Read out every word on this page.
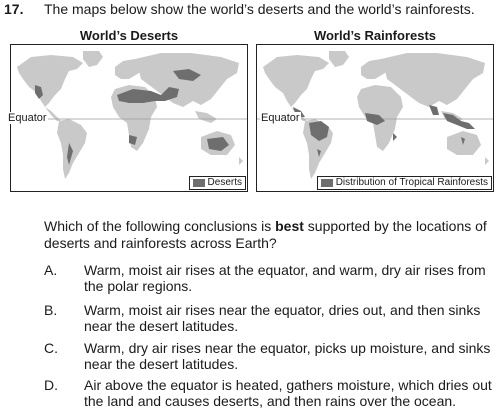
17. The maps below show the world’s deserts and the world’s rainforests.
World’s Deserts
Equator
Deserts
World’s Rainforests
Equator
Distribution of Tropical Rainforests
Which of the following conclusions is best supported by the locations of deserts and rainforests across Earth?
A. Warm, moist air rises at the equator, and warm, dry air rises from the polar regions.
B. Warm, moist air rises near the equator, dries out, and then sinks near the desert latitudes.
C. Warm, dry air rises near the equator, picks up moisture, and sinks near the desert latitudes.
D. Air above the equator is heated, gathers moisture, which dries out the land and causes deserts, and then rains over the ocean.
